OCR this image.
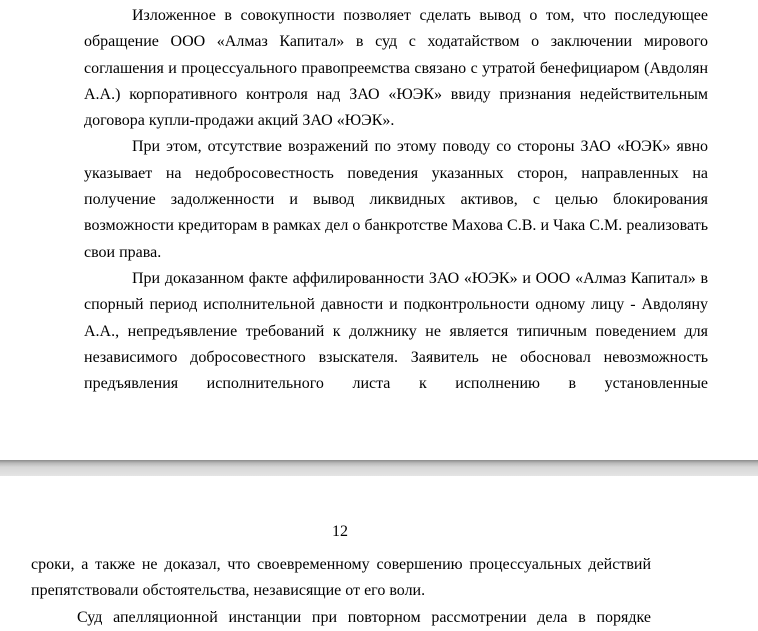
Изложенное в совокупности позволяет сделать вывод о том, что последующее обращение ООО «Алмаз Капитал» в суд с ходатайством о заключении мирового соглашения и процессуального правопреемства связано с утратой бенефициаром (Авдолян А.А.) корпоративного контроля над ЗАО «ЮЭК» ввиду признания недействительным договора купли-продажи акций ЗАО «ЮЭК».

При этом, отсутствие возражений по этому поводу со стороны ЗАО «ЮЭК» явно указывает на недобросовестность поведения указанных сторон, направленных на получение задолженности и вывод ликвидных активов, с целью блокирования возможности кредиторам в рамках дел о банкротстве Махова С.В. и Чака С.М. реализовать свои права.

При доказанном факте аффилированности ЗАО «ЮЭК» и ООО «Алмаз Капитал» в спорный период исполнительной давности и подконтрольности одному лицу - Авдоляну А.А., непредъявление требований к должнику не является типичным поведением для независимого добросовестного взыскателя. Заявитель не обосновал невозможность предъявления исполнительного листа к исполнению в установленные

12

сроки, а также не доказал, что своевременному совершению процессуальных действий препятствовали обстоятельства, независящие от его воли.

Суд апелляционной инстанции при повторном рассмотрении дела в порядке
